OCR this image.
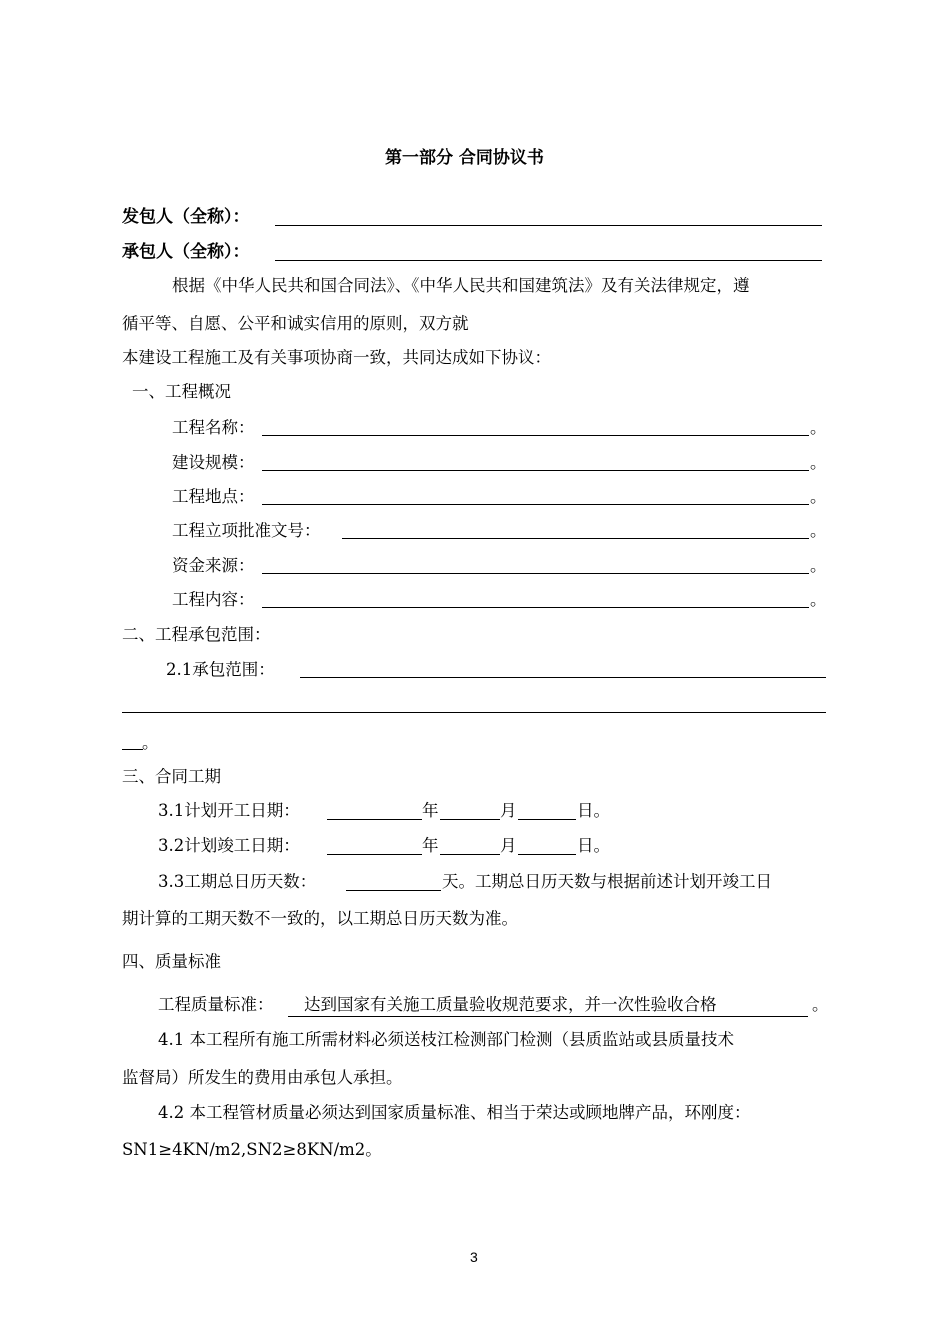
第一部分 合同协议书
发包人（全称）：
承包人（全称）：
根据《中华人民共和国合同法》、《中华人民共和国建筑法》及有关法律规定，遵
循平等、自愿、公平和诚实信用的原则，双方就
本建设工程施工及有关事项协商一致，共同达成如下协议：
一、工程概况
工程名称：	。
建设规模：	。
工程地点：	。
工程立项批准文号：	。
资金来源：	。
工程内容：	。
二、工程承包范围：
2.1承包范围：
。
三、合同工期
3.1计划开工日期：	年	月	日。
3.2计划竣工日期：	年	月	日。
3.3工期总日历天数：	天。工期总日历天数与根据前述计划开竣工日
期计算的工期天数不一致的，以工期总日历天数为准。
四、质量标准
工程质量标准：	达到国家有关施工质量验收规范要求，并一次性验收合格	。
4.1 本工程所有施工所需材料必须送枝江检测部门检测（县质监站或县质量技术
监督局）所发生的费用由承包人承担。
4.2 本工程管材质量必须达到国家质量标准、相当于荣达或顾地牌产品，环刚度：
SN1≥4KN/m2,SN2≥8KN/m2。
3
